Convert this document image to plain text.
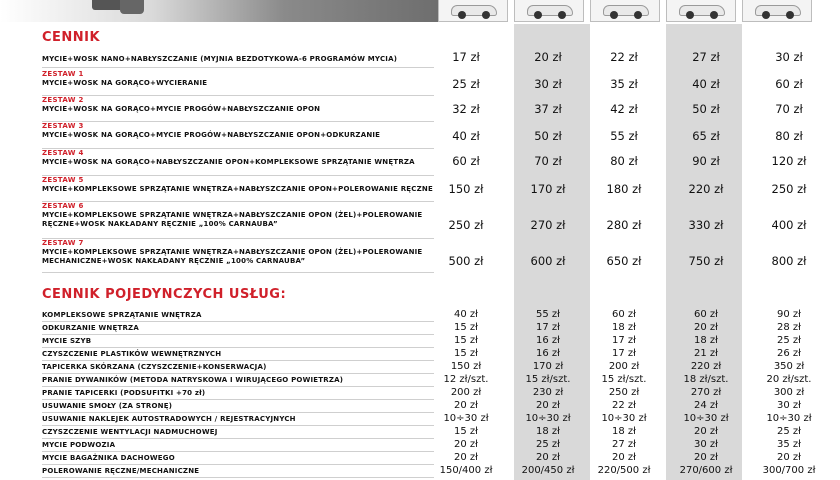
CENNIK
MYCIE+WOSK NANO+NABŁYSZCZANIE (MYJNIA BEZDOTYKOWA-6 PROGRAMÓW MYCIA)	17 zł	20 zł	22 zł	27 zł	30 zł
ZESTAW 1
MYCIE+WOSK NA GORĄCO+WYCIERANIE	25 zł	30 zł	35 zł	40 zł	60 zł
ZESTAW 2
MYCIE+WOSK NA GORĄCO+MYCIE PROGÓW+NABŁYSZCZANIE OPON	32 zł	37 zł	42 zł	50 zł	70 zł
ZESTAW 3
MYCIE+WOSK NA GORĄCO+MYCIE PROGÓW+NABŁYSZCZANIE OPON+ODKURZANIE	40 zł	50 zł	55 zł	65 zł	80 zł
ZESTAW 4
MYCIE+WOSK NA GORĄCO+NABŁYSZCZANIE OPON+KOMPLEKSOWE SPRZĄTANIE WNĘTRZA	60 zł	70 zł	80 zł	90 zł	120 zł
ZESTAW 5
MYCIE+KOMPLEKSOWE SPRZĄTANIE WNĘTRZA+NABŁYSZCZANIE OPON+POLEROWANIE RĘCZNE	150 zł	170 zł	180 zł	220 zł	250 zł
ZESTAW 6
MYCIE+KOMPLEKSOWE SPRZĄTANIE WNĘTRZA+NABŁYSZCZANIE OPON (ŻEL)+POLEROWANIE
RĘCZNE+WOSK NAKŁADANY RĘCZNIE „100% CARNAUBA”	250 zł	270 zł	280 zł	330 zł	400 zł
ZESTAW 7
MYCIE+KOMPLEKSOWE SPRZĄTANIE WNĘTRZA+NABŁYSZCZANIE OPON (ŻEL)+POLEROWANIE
MECHANICZNE+WOSK NAKŁADANY RĘCZNIE „100% CARNAUBA”	500 zł	600 zł	650 zł	750 zł	800 zł
CENNIK POJEDYNCZYCH USŁUG:
KOMPLEKSOWE SPRZĄTANIE WNĘTRZA	40 zł	55 zł	60 zł	60 zł	90 zł
ODKURZANIE WNĘTRZA	15 zł	17 zł	18 zł	20 zł	28 zł
MYCIE SZYB	15 zł	16 zł	17 zł	18 zł	25 zł
CZYSZCZENIE PLASTIKÓW WEWNĘTRZNYCH	15 zł	16 zł	17 zł	21 zł	26 zł
TAPICERKA SKÓRZANA (CZYSZCZENIE+KONSERWACJA)	150 zł	170 zł	200 zł	220 zł	350 zł
PRANIE DYWANIKÓW (METODA NATRYSKOWA I WIRUJĄCEGO POWIETRZA)	12 zł/szt.	15 zł/szt.	15 zł/szt.	18 zł/szt.	20 zł/szt.
PRANIE TAPICERKI (PODSUFITKI +70 zł)	200 zł	230 zł	250 zł	270 zł	300 zł
USUWANIE SMOŁY (ZA STRONĘ)	20 zł	20 zł	22 zł	24 zł	30 zł
USUWANIE NAKLEJEK AUTOSTRADOWYCH / REJESTRACYJNYCH	10÷30 zł	10÷30 zł	10÷30 zł	10÷30 zł	10÷30 zł
CZYSZCZENIE WENTYLACJI NADMUCHOWEJ	15 zł	18 zł	18 zł	20 zł	25 zł
MYCIE PODWOZIA	20 zł	25 zł	27 zł	30 zł	35 zł
MYCIE BAGAŻNIKA DACHOWEGO	20 zł	20 zł	20 zł	20 zł	20 zł
POLEROWANIE RĘCZNE/MECHANICZNE	150/400 zł	200/450 zł	220/500 zł	270/600 zł	300/700 zł
